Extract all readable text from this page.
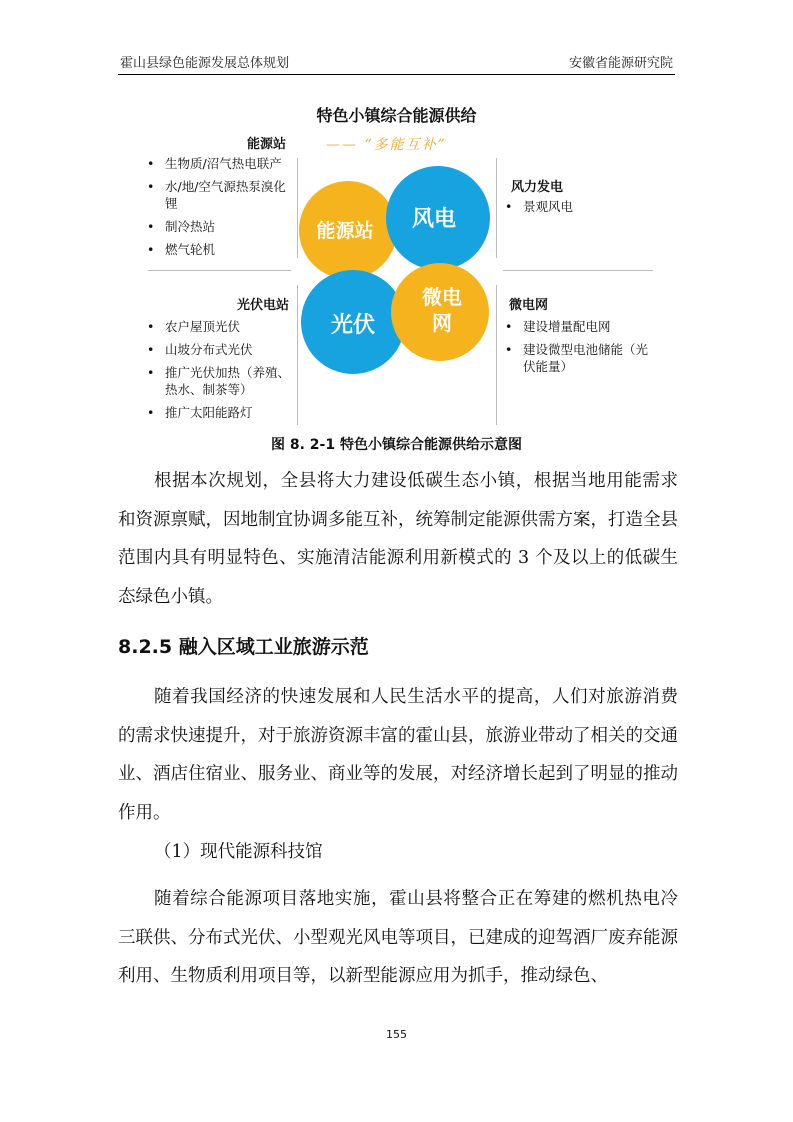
霍山县绿色能源发展总体规划	安徽省能源研究院
特色小镇综合能源供给
—— “多能互补”
能源站
• 生物质/沼气热电联产
• 水/地/空气源热泵溴化锂
• 制冷热站
• 燃气轮机
风力发电
• 景观风电
光伏电站
• 农户屋顶光伏
• 山坡分布式光伏
• 推广光伏加热（养殖、热水、制茶等）
• 推广太阳能路灯
微电网
• 建设增量配电网
• 建设微型电池储能（光伏能量）
能源站 风电
光伏
微电
网
图 8. 2-1 特色小镇综合能源供给示意图

根据本次规划，全县将大力建设低碳生态小镇，根据当地用能需求和资源禀赋，因地制宜协调多能互补，统筹制定能源供需方案，打造全县范围内具有明显特色、实施清洁能源利用新模式的 3 个及以上的低碳生态绿色小镇。

8.2.5 融入区域工业旅游示范

随着我国经济的快速发展和人民生活水平的提高，人们对旅游消费的需求快速提升，对于旅游资源丰富的霍山县，旅游业带动了相关的交通业、酒店住宿业、服务业、商业等的发展，对经济增长起到了明显的推动作用。

（1）现代能源科技馆

随着综合能源项目落地实施，霍山县将整合正在筹建的燃机热电冷三联供、分布式光伏、小型观光风电等项目，已建成的迎驾酒厂废弃能源利用、生物质利用项目等，以新型能源应用为抓手，推动绿色、

155
